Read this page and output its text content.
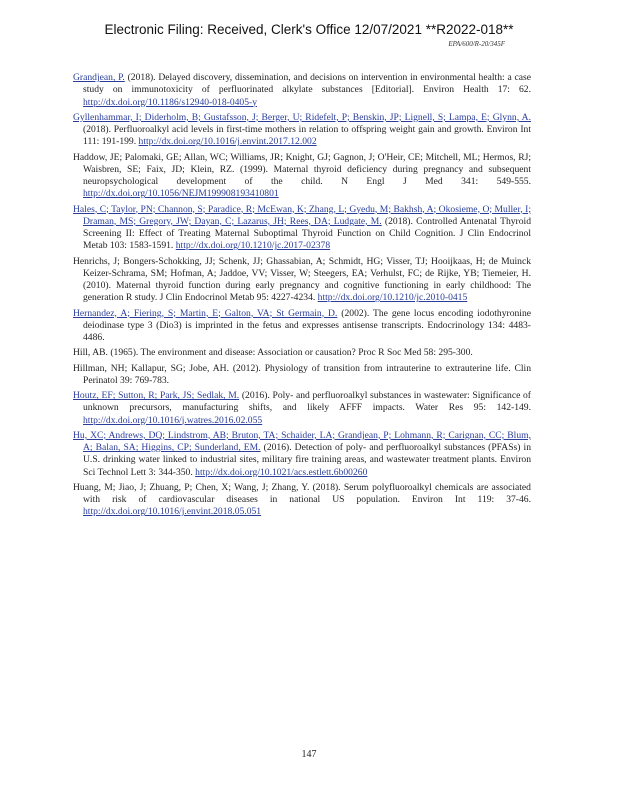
Electronic Filing: Received, Clerk's Office 12/07/2021 **R2022-018**
EPA/600/R-20/345F

Grandjean, P. (2018). Delayed discovery, dissemination, and decisions on intervention in environmental health: a case study on immunotoxicity of perfluorinated alkylate substances [Editorial]. Environ Health 17: 62. http://dx.doi.org/10.1186/s12940-018-0405-y

Gyllenhammar, I; Diderholm, B; Gustafsson, J; Berger, U; Ridefelt, P; Benskin, JP; Lignell, S; Lampa, E; Glynn, A. (2018). Perfluoroalkyl acid levels in first-time mothers in relation to offspring weight gain and growth. Environ Int 111: 191-199. http://dx.doi.org/10.1016/j.envint.2017.12.002

Haddow, JE; Palomaki, GE; Allan, WC; Williams, JR; Knight, GJ; Gagnon, J; O'Heir, CE; Mitchell, ML; Hermos, RJ; Waisbren, SE; Faix, JD; Klein, RZ. (1999). Maternal thyroid deficiency during pregnancy and subsequent neuropsychological development of the child. N Engl J Med 341: 549-555. http://dx.doi.org/10.1056/NEJM199908193410801

Hales, C; Taylor, PN; Channon, S; Paradice, R; McEwan, K; Zhang, L; Gyedu, M; Bakhsh, A; Okosieme, O; Muller, I; Draman, MS; Gregory, JW; Dayan, C; Lazarus, JH; Rees, DA; Ludgate, M. (2018). Controlled Antenatal Thyroid Screening II: Effect of Treating Maternal Suboptimal Thyroid Function on Child Cognition. J Clin Endocrinol Metab 103: 1583-1591. http://dx.doi.org/10.1210/jc.2017-02378

Henrichs, J; Bongers-Schokking, JJ; Schenk, JJ; Ghassabian, A; Schmidt, HG; Visser, TJ; Hooijkaas, H; de Muinck Keizer-Schrama, SM; Hofman, A; Jaddoe, VV; Visser, W; Steegers, EA; Verhulst, FC; de Rijke, YB; Tiemeier, H. (2010). Maternal thyroid function during early pregnancy and cognitive functioning in early childhood: The generation R study. J Clin Endocrinol Metab 95: 4227-4234. http://dx.doi.org/10.1210/jc.2010-0415

Hernandez, A; Fiering, S; Martin, E; Galton, VA; St Germain, D. (2002). The gene locus encoding iodothyronine deiodinase type 3 (Dio3) is imprinted in the fetus and expresses antisense transcripts. Endocrinology 134: 4483-4486.

Hill, AB. (1965). The environment and disease: Association or causation? Proc R Soc Med 58: 295-300.

Hillman, NH; Kallapur, SG; Jobe, AH. (2012). Physiology of transition from intrauterine to extrauterine life. Clin Perinatol 39: 769-783.

Houtz, EF; Sutton, R; Park, JS; Sedlak, M. (2016). Poly- and perfluoroalkyl substances in wastewater: Significance of unknown precursors, manufacturing shifts, and likely AFFF impacts. Water Res 95: 142-149. http://dx.doi.org/10.1016/j.watres.2016.02.055

Hu, XC; Andrews, DQ; Lindstrom, AB; Bruton, TA; Schaider, LA; Grandjean, P; Lohmann, R; Carignan, CC; Blum, A; Balan, SA; Higgins, CP; Sunderland, EM. (2016). Detection of poly- and perfluoroalkyl substances (PFASs) in U.S. drinking water linked to industrial sites, military fire training areas, and wastewater treatment plants. Environ Sci Technol Lett 3: 344-350. http://dx.doi.org/10.1021/acs.estlett.6b00260

Huang, M; Jiao, J; Zhuang, P; Chen, X; Wang, J; Zhang, Y. (2018). Serum polyfluoroalkyl chemicals are associated with risk of cardiovascular diseases in national US population. Environ Int 119: 37-46. http://dx.doi.org/10.1016/j.envint.2018.05.051

147
